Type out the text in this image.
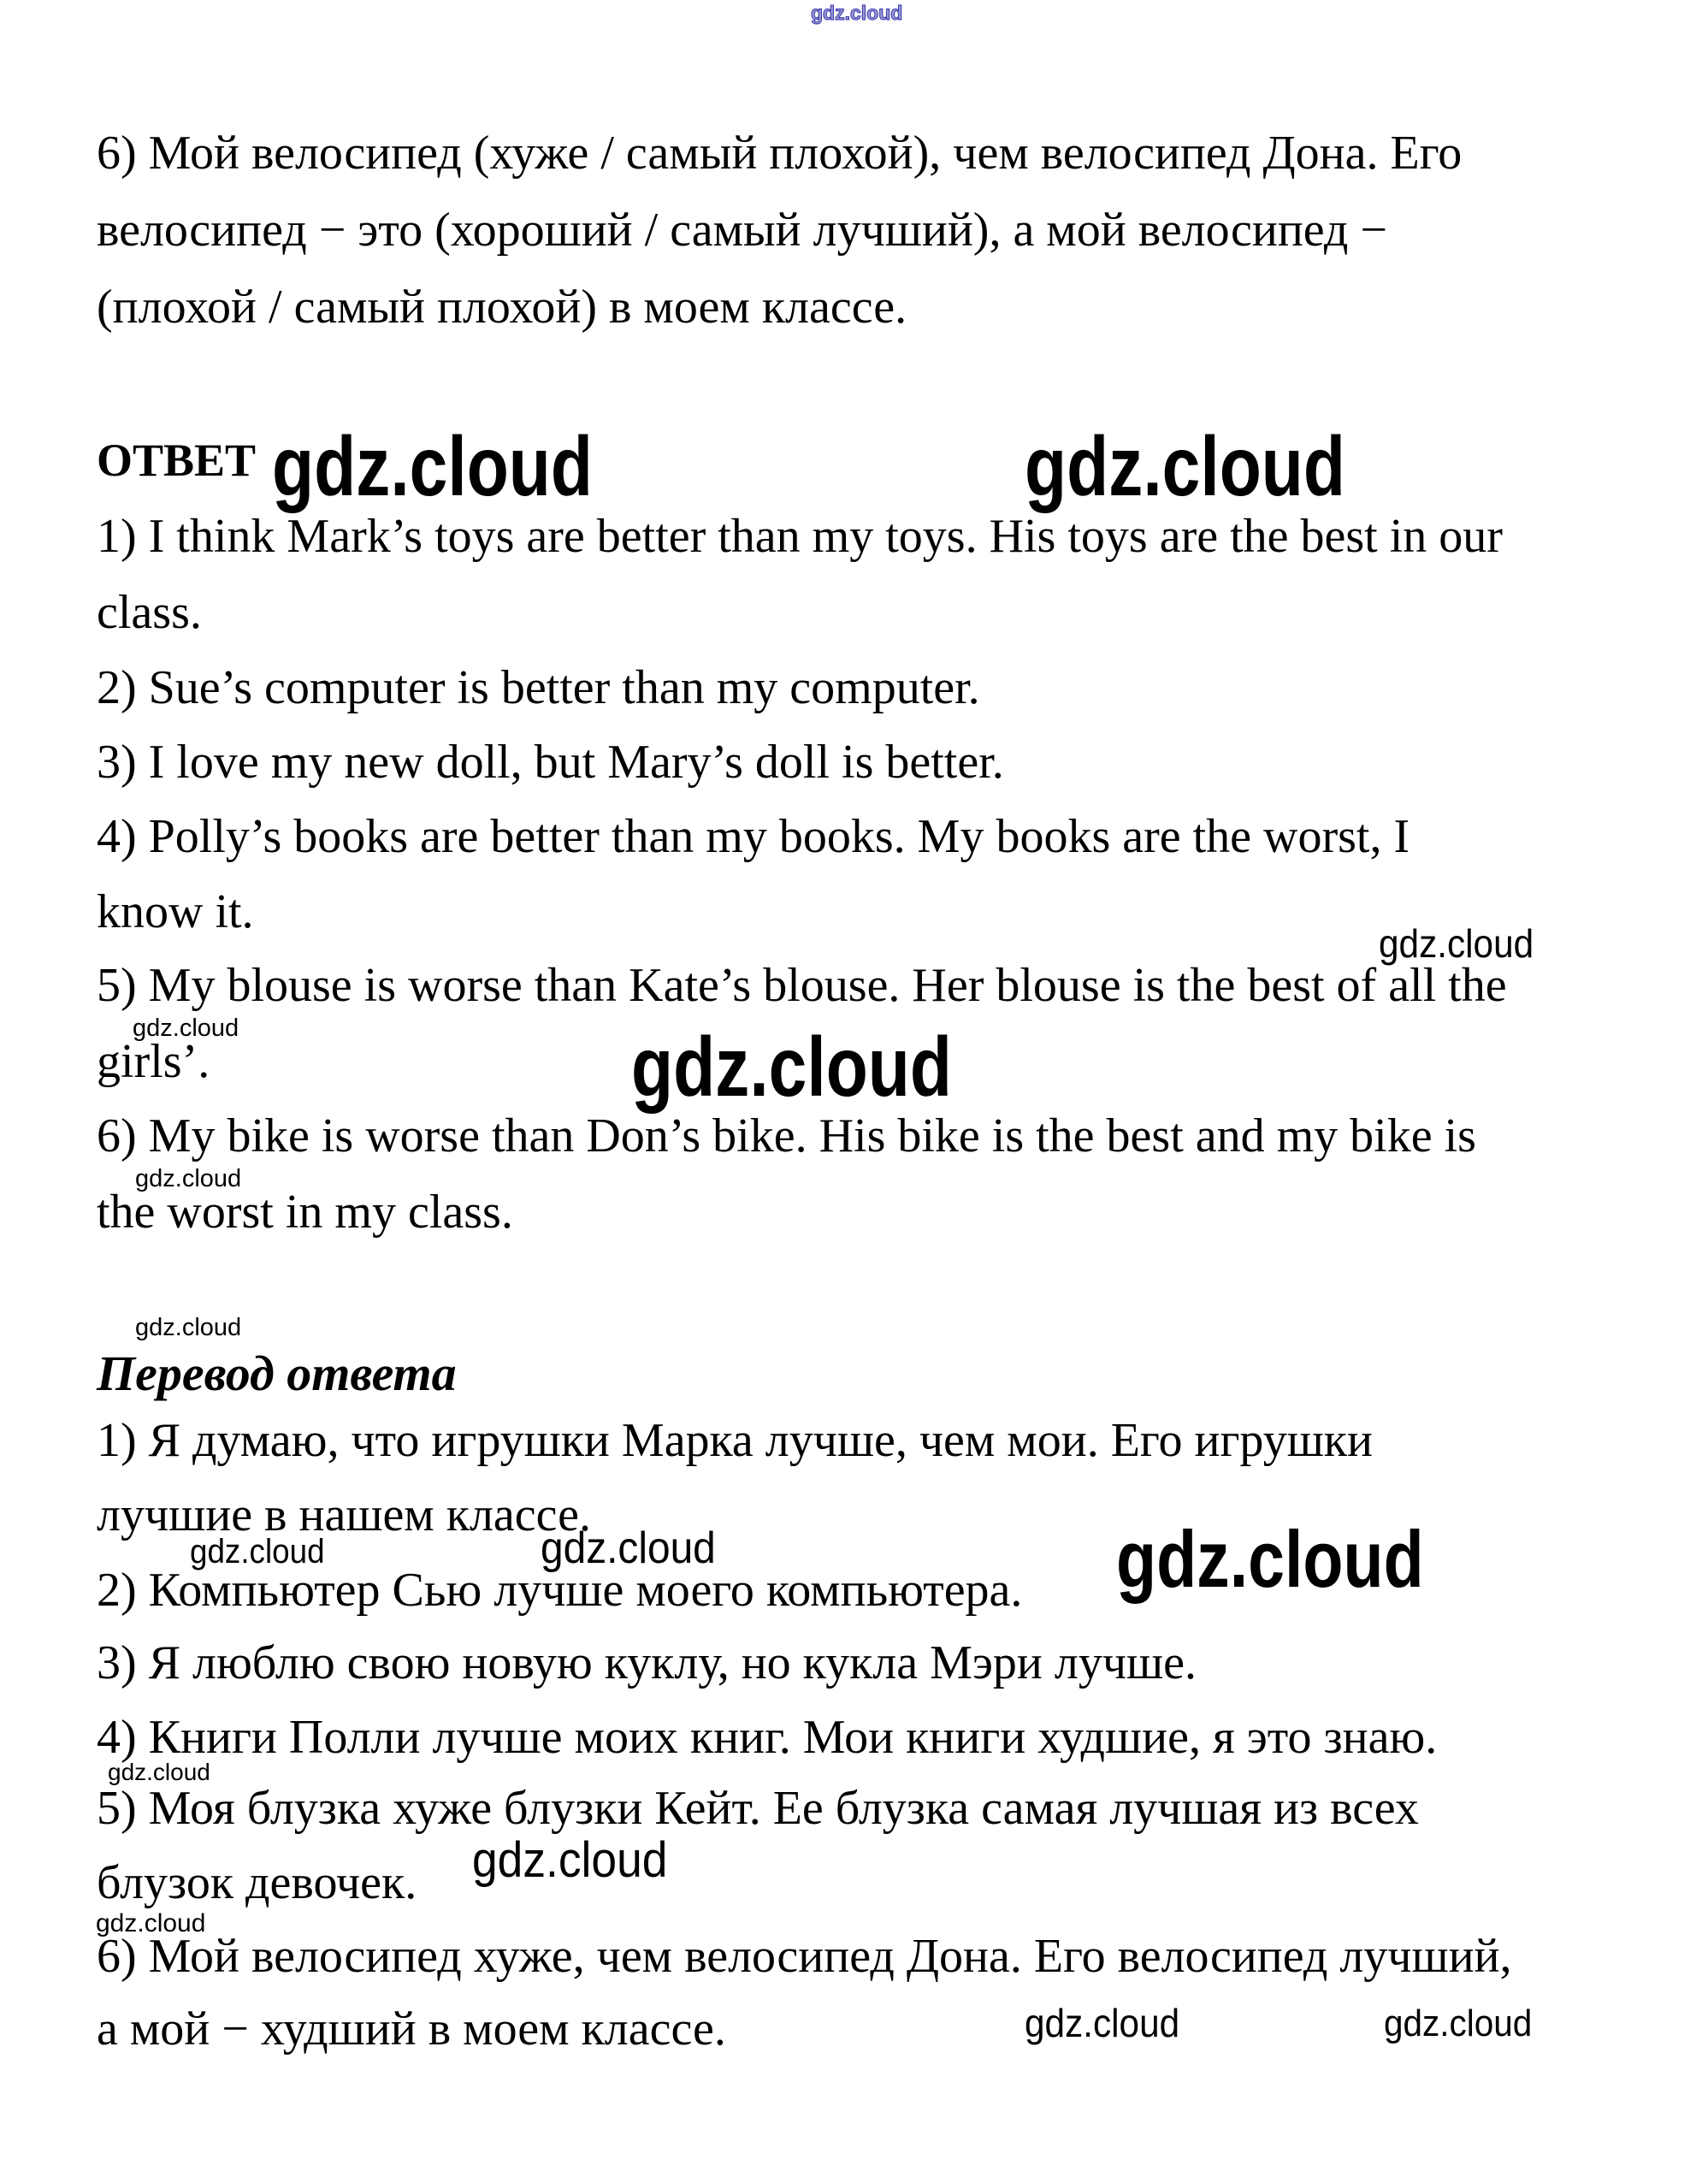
gdz.cloud
6) Мой велосипед (хуже / самый плохой), чем велосипед Дона. Его
велосипед − это (хороший / самый лучший), а мой велосипед −
(плохой / самый плохой) в моем классе.
ОТВЕТ gdz.cloud	gdz.cloud
1) I think Mark’s toys are better than my toys. His toys are the best in our
class.
2) Sue’s computer is better than my computer.
3) I love my new doll, but Mary’s doll is better.
4) Polly’s books are better than my books. My books are the worst, I
know it.
5) My blouse is worse than Kate’s blouse. Her blouse is the best of all the
girls’.
6) My bike is worse than Don’s bike. His bike is the best and my bike is
the worst in my class.
gdz.cloud
gdz.cloud	gdz.cloud
gdz.cloud
gdz.cloud
Перевод ответа
1) Я думаю, что игрушки Марка лучше, чем мои. Его игрушки
лучшие в нашем классе.
2) Компьютер Сью лучше моего компьютера.
3) Я люблю свою новую куклу, но кукла Мэри лучше.
4) Книги Полли лучше моих книг. Мои книги худшие, я это знаю.
5) Моя блузка хуже блузки Кейт. Ее блузка самая лучшая из всех
блузок девочек.
6) Мой велосипед хуже, чем велосипед Дона. Его велосипед лучший,
а мой − худший в моем классе.
gdz.cloud	gdz.cloud	gdz.cloud
gdz.cloud
gdz.cloud
gdz.cloud
gdz.cloud	gdz.cloud
